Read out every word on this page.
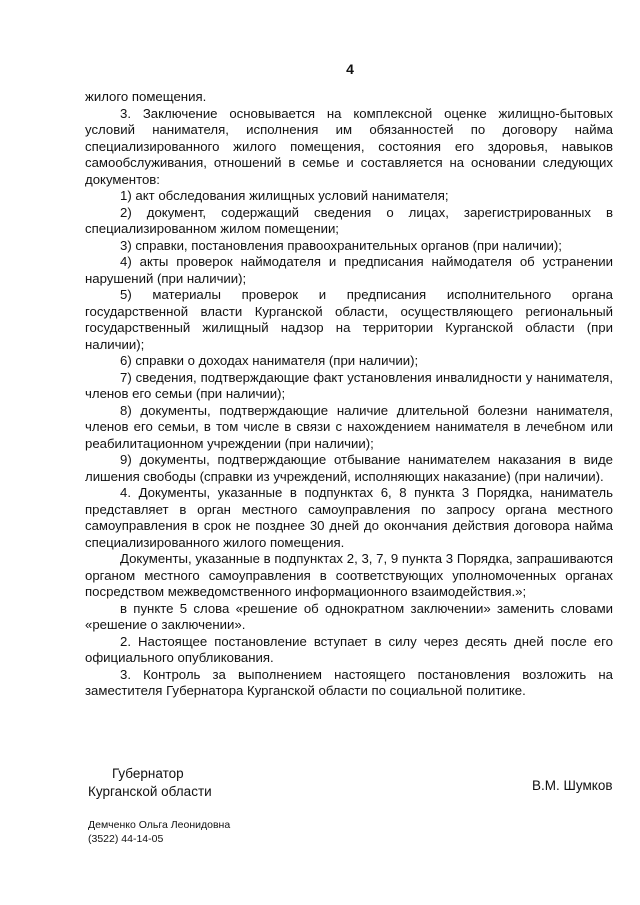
4

жилого помещения.

3. Заключение основывается на комплексной оценке жилищно-бытовых условий нанимателя, исполнения им обязанностей по договору найма специализированного жилого помещения, состояния его здоровья, навыков самообслуживания, отношений в семье и составляется на основании следующих документов:

1) акт обследования жилищных условий нанимателя;

2) документ, содержащий сведения о лицах, зарегистрированных в специализированном жилом помещении;

3) справки, постановления правоохранительных органов (при наличии);

4) акты проверок наймодателя и предписания наймодателя об устранении нарушений (при наличии);

5) материалы проверок и предписания исполнительного органа государственной власти Курганской области, осуществляющего региональный государственный жилищный надзор на территории Курганской области (при наличии);

6) справки о доходах нанимателя (при наличии);

7) сведения, подтверждающие факт установления инвалидности у нанимателя, членов его семьи (при наличии);

8) документы, подтверждающие наличие длительной болезни нанимателя, членов его семьи, в том числе в связи с нахождением нанимателя в лечебном или реабилитационном учреждении (при наличии);

9) документы, подтверждающие отбывание нанимателем наказания в виде лишения свободы (справки из учреждений, исполняющих наказание) (при наличии).

4. Документы, указанные в подпунктах 6, 8 пункта 3 Порядка, наниматель представляет в орган местного самоуправления по запросу органа местного самоуправления в срок не позднее 30 дней до окончания действия договора найма специализированного жилого помещения.

Документы, указанные в подпунктах 2, 3, 7, 9 пункта 3 Порядка, запрашиваются органом местного самоуправления в соответствующих уполномоченных органах посредством межведомственного информационного взаимодействия.»;

в пункте 5 слова «решение об однократном заключении» заменить словами «решение о заключении».

2. Настоящее постановление вступает в силу через десять дней после его официального опубликования.

3. Контроль за выполнением настоящего постановления возложить на заместителя Губернатора Курганской области по социальной политике.

Губернатор
Курганской области	В.М. Шумков
Демченко Ольга Леонидовна
(3522) 44-14-05
